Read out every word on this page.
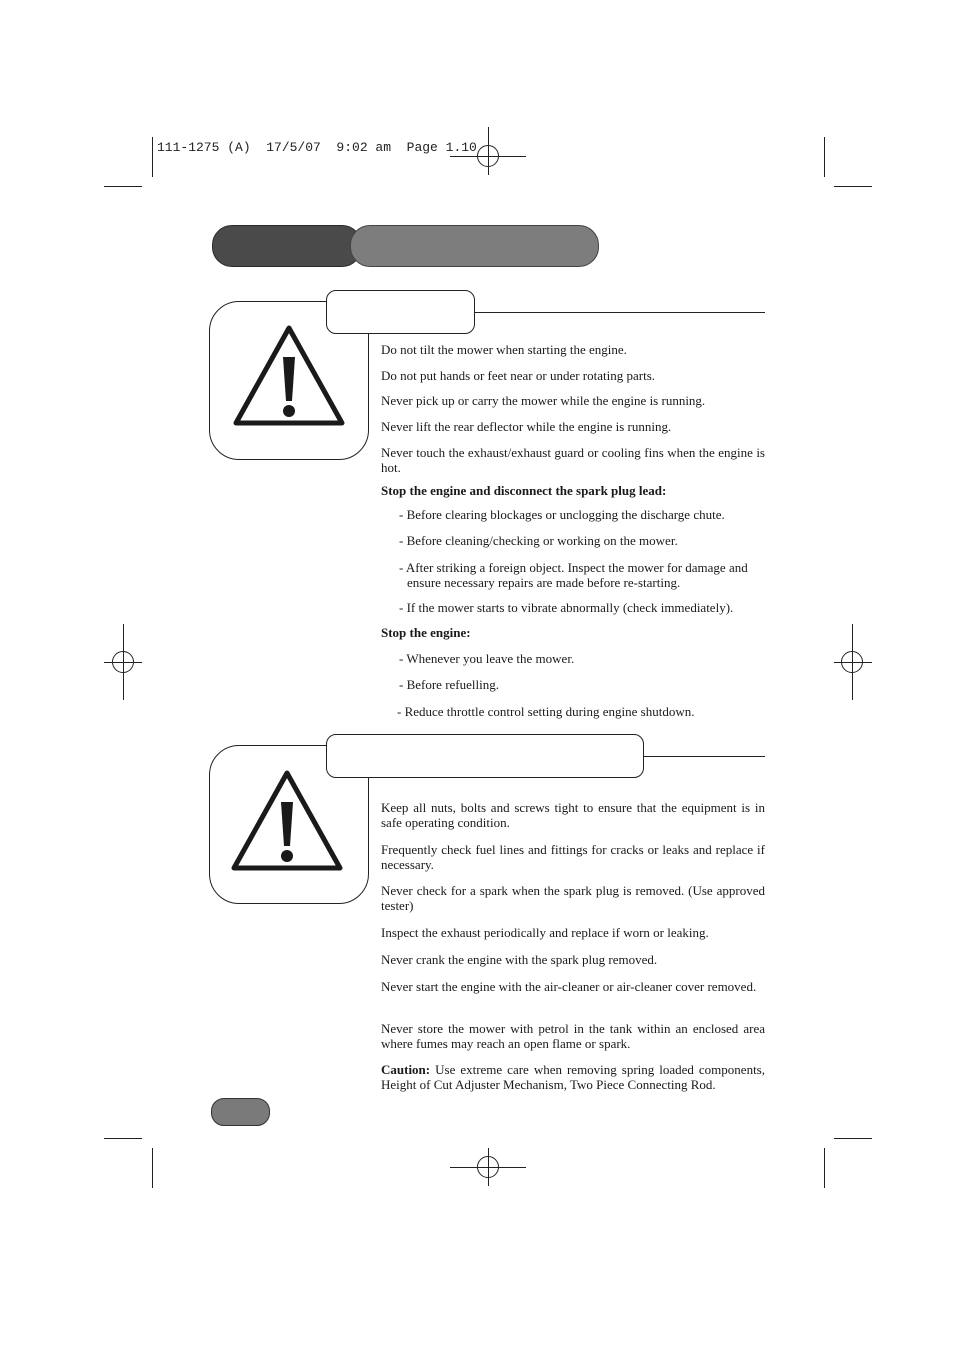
111-1275 (A)  17/5/07  9:02 am  Page 1.10

Do not tilt the mower when starting the engine.

Do not put hands or feet near or under rotating parts.

Never pick up or carry the mower while the engine is running.

Never lift the rear deflector while the engine is running.

Never touch the exhaust/exhaust guard or cooling fins when the engine is hot.

Stop the engine and disconnect the spark plug lead:

- Before clearing blockages or unclogging the discharge chute.

- Before cleaning/checking or working on the mower.

- After striking a foreign object. Inspect the mower for damage and ensure necessary repairs are made before re-starting.

- If the mower starts to vibrate abnormally (check immediately).

Stop the engine:

- Whenever you leave the mower.

- Before refuelling.

- Reduce throttle control setting during engine shutdown.

Keep all nuts, bolts and screws tight to ensure that the equipment is in safe operating condition.

Frequently check fuel lines and fittings for cracks or leaks and replace if necessary.

Never check for a spark when the spark plug is removed. (Use approved tester)

Inspect the exhaust periodically and replace if worn or leaking.

Never crank the engine with the spark plug removed.

Never start the engine with the air-cleaner or air-cleaner cover removed.

Never store the mower with petrol in the tank within an enclosed area where fumes may reach an open flame or spark.

Caution: Use extreme care when removing spring loaded components, Height of Cut Adjuster Mechanism, Two Piece Connecting Rod.
